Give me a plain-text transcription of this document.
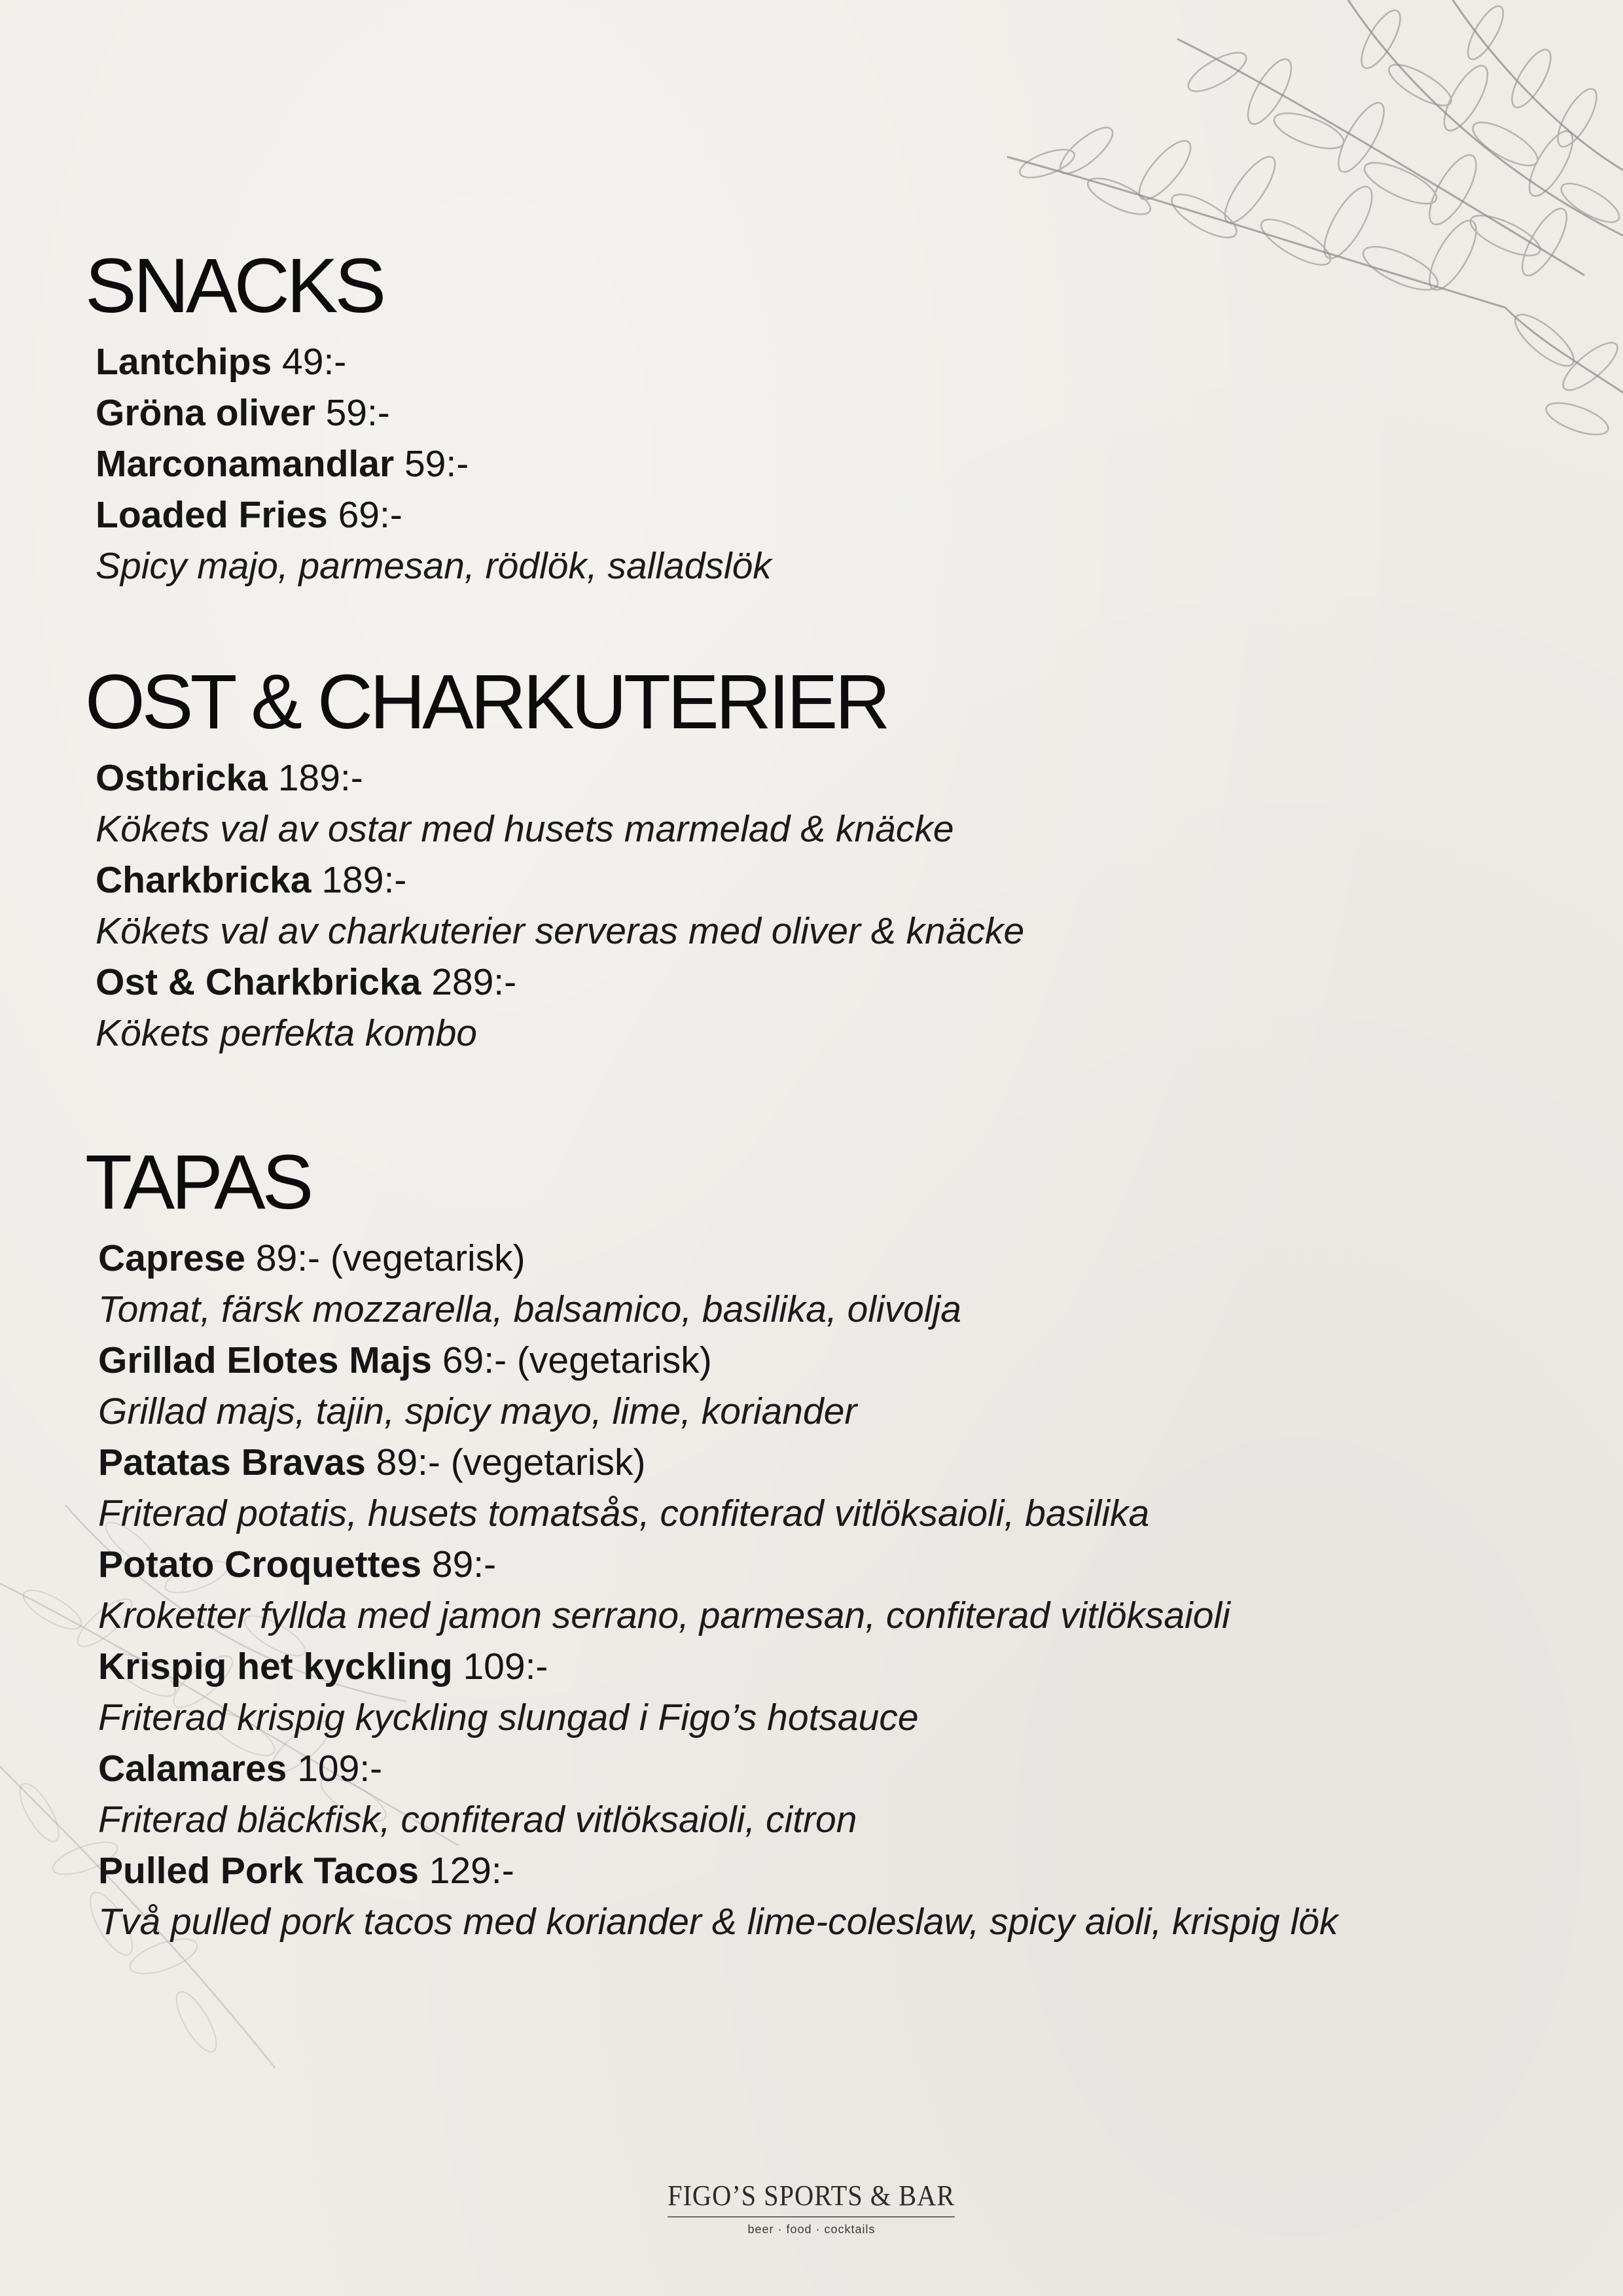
SNACKS
Lantchips 49:-
Gröna oliver 59:-
Marconamandlar 59:-
Loaded Fries 69:-
Spicy majo, parmesan, rödlök, salladslök
OST & CHARKUTERIER
Ostbricka 189:-
Kökets val av ostar med husets marmelad & knäcke
Charkbricka 189:-
Kökets val av charkuterier serveras med oliver & knäcke
Ost & Charkbricka 289:-
Kökets perfekta kombo
TAPAS
Caprese 89:- (vegetarisk)
Tomat, färsk mozzarella, balsamico, basilika, olivolja
Grillad Elotes Majs 69:- (vegetarisk)
Grillad majs, tajin, spicy mayo, lime, koriander
Patatas Bravas 89:- (vegetarisk)
Friterad potatis, husets tomatsås, confiterad vitlöksaioli, basilika
Potato Croquettes 89:-
Kroketter fyllda med jamon serrano, parmesan, confiterad vitlöksaioli
Krispig het kyckling 109:-
Friterad krispig kyckling slungad i Figo’s hotsauce
Calamares 109:-
Friterad bläckfisk, confiterad vitlöksaioli, citron
Pulled Pork Tacos 129:-
Två pulled pork tacos med koriander & lime-coleslaw, spicy aioli, krispig lök
FIGO’S SPORTS & BAR
beer · food · cocktails
